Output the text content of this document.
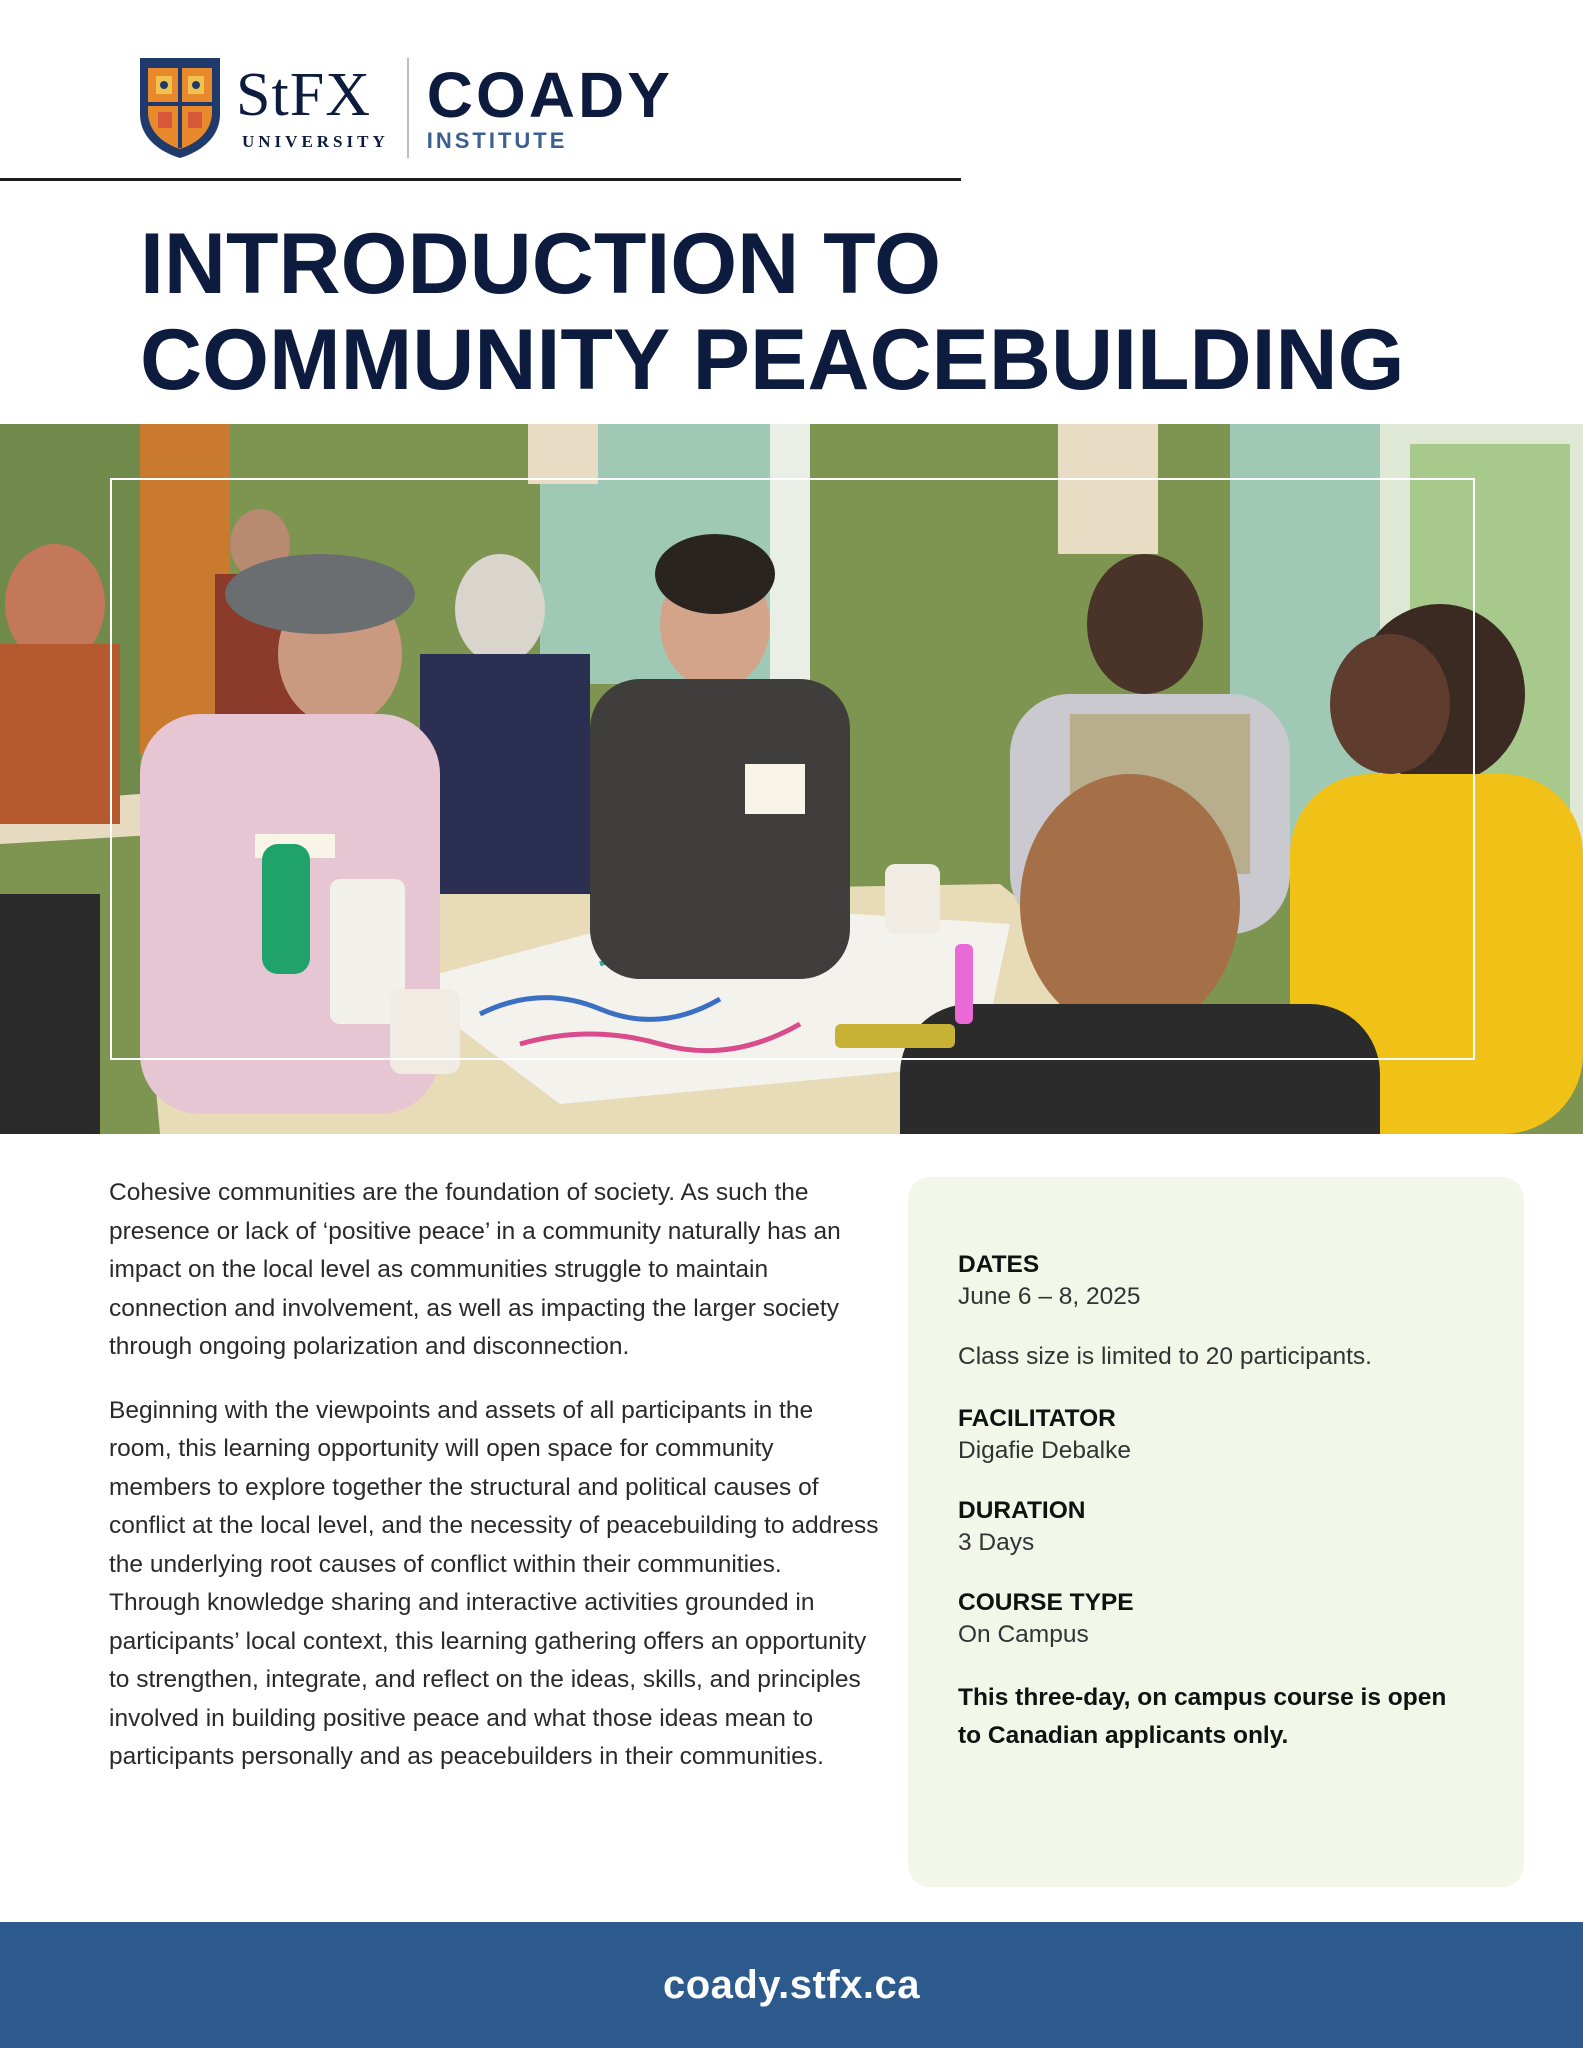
StFX
UNIVERSITY
COADY
INSTITUTE
INTRODUCTION TO
COMMUNITY PEACEBUILDING

Cohesive communities are the foundation of society. As such the presence or lack of ‘positive peace’ in a community naturally has an impact on the local level as communities struggle to maintain connection and involvement, as well as impacting the larger society through ongoing polarization and disconnection.

Beginning with the viewpoints and assets of all participants in the room, this learning opportunity will open space for community members to explore together the structural and political causes of conflict at the local level, and the necessity of peacebuilding to address the underlying root causes of conflict within their communities. Through knowledge sharing and interactive activities grounded in participants’ local context, this learning gathering offers an opportunity to strengthen, integrate, and reflect on the ideas, skills, and principles involved in building positive peace and what those ideas mean to participants personally and as peacebuilders in their communities.

DATES
June 6 – 8, 2025
Class size is limited to 20 participants.
FACILITATOR
Digafie Debalke
DURATION
3 Days
COURSE TYPE
On Campus
This three-day, on campus course is open to Canadian applicants only.
coady.stfx.ca
